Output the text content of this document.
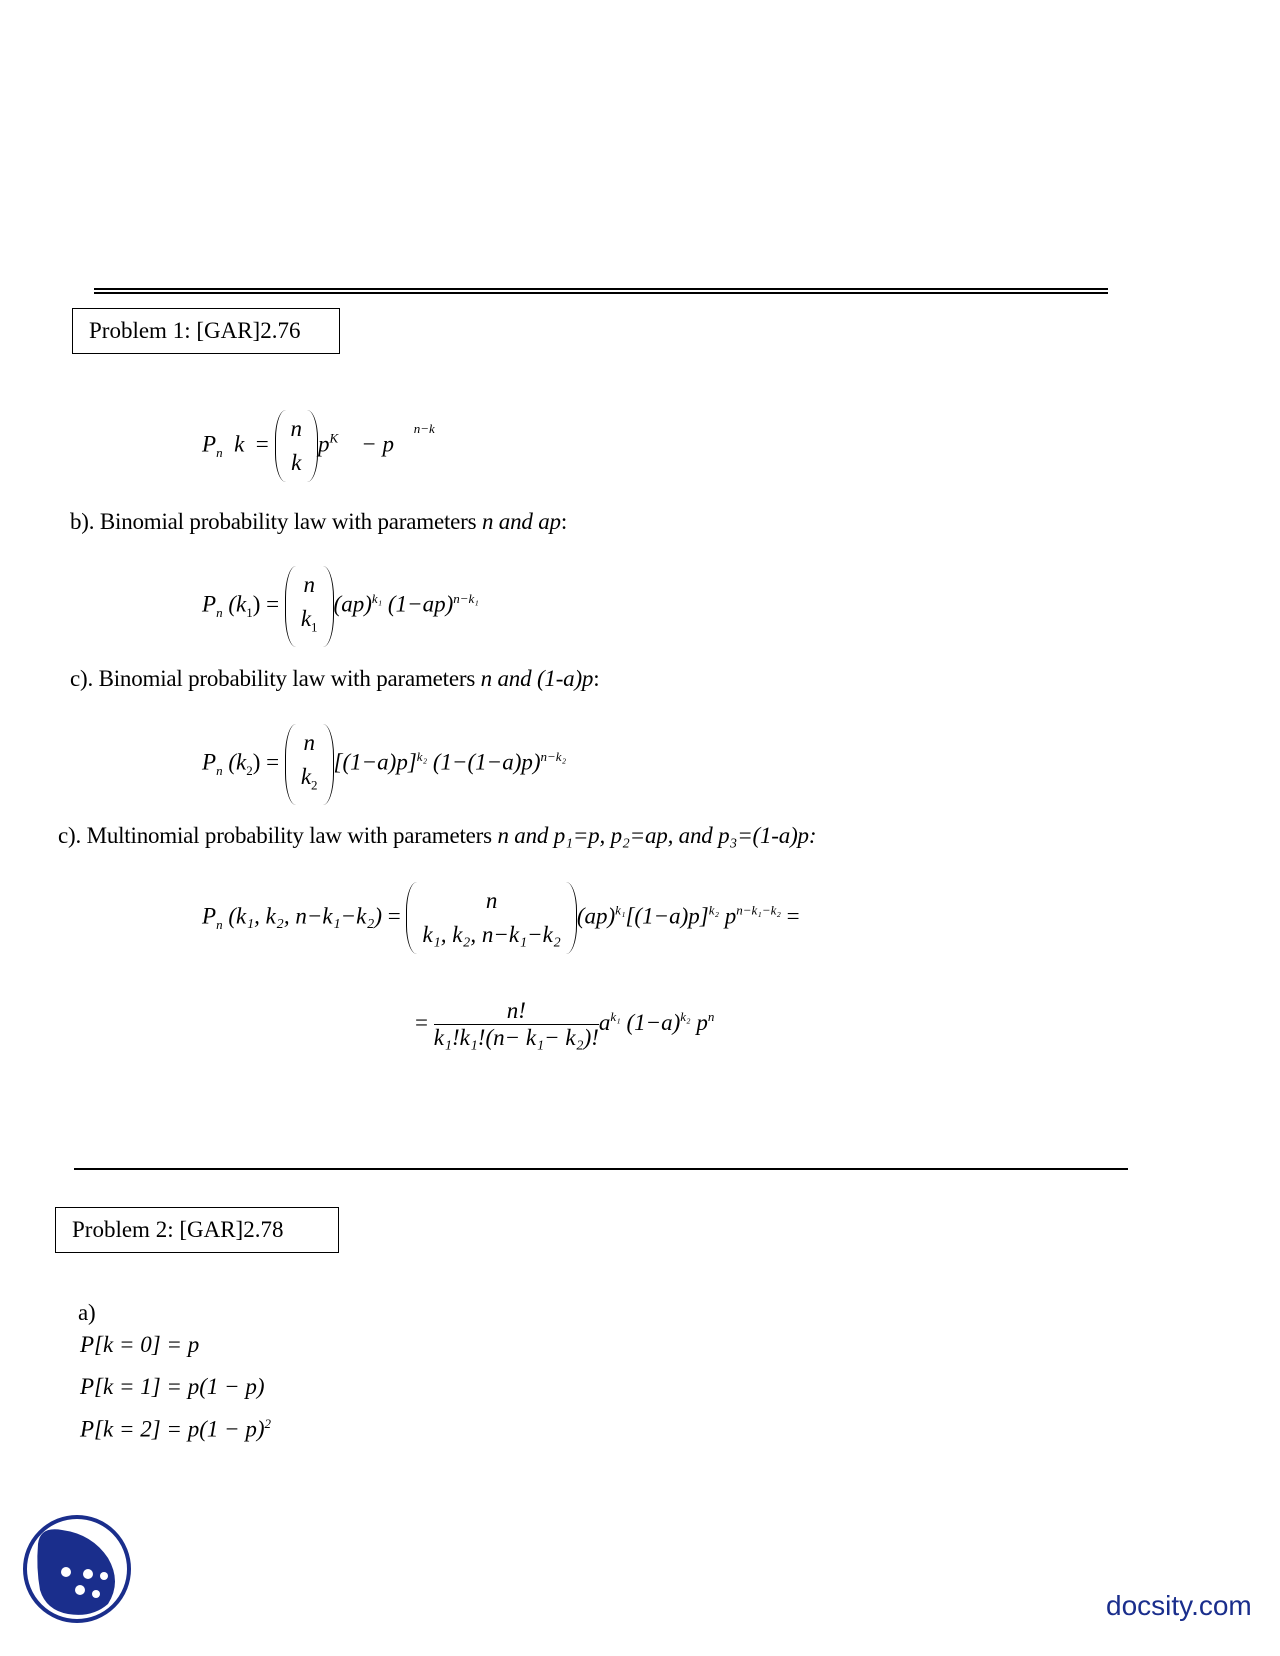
Problem 1: [GAR]2.76
$P_n$ k  =
n
$kp^K - p$ $^{n-k}$
b). Binomial probability law with parameters n and ap:
$P_n$ $(k_1)$ =
n
$k_1(ap)^{k_1}$ $(1-ap)^{n-k_1}$
c). Binomial probability law with parameters n and (1-a)p:
$P_n$ $(k_2)$ =
n
$k_2[(1-a)p]^{k_2}$ $(1-(1-a)p)^{n-k_2}$
c). Multinomial probability law with parameters n and p₁=p, p₂=ap, and p₃=(1-a)p:
$P_n$ (k₁, k₂, n−k₁−k₂) =
n
k₁, k₂, $n-k_1-k_2(ap)^{k_1}[(1-a)p]^{k_2}$ $p^{n-k_1-k_2}$ =
= $\frac{n!}{\text{k₁!k₁!(n− k₁− k₂)!}} a^{k_1}$ $(1-a)^{k_2}$ $p^n$
Problem 2: [GAR]2.78
a)
P[k = 0] = p
P[k = 1] = p(1 − p)
$P[k = 2] = p(1 - p)^2$
docsity.com
